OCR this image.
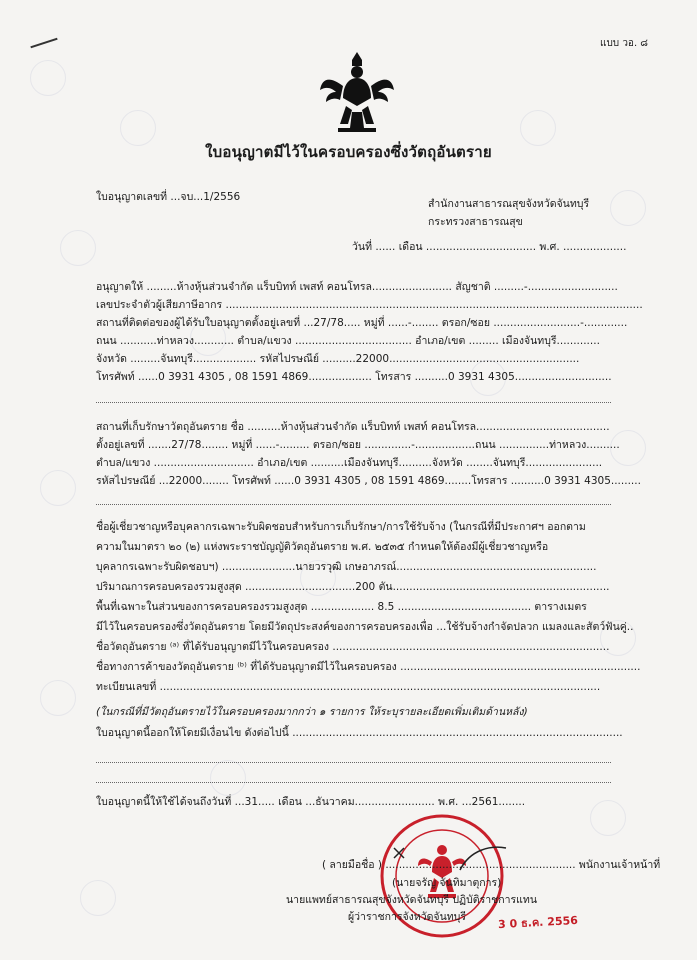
แบบ วอ. ๘
ใบอนุญาตมีไว้ในครอบครองซึ่งวัตถุอันตราย
ใบอนุญาตเลขที่ ...จบ...1/2556
สำนักงานสาธารณสุขจังหวัดจันทบุรี
กระทรวงสาธารณสุข
วันที่ ...... เดือน ................................. พ.ศ. ...................
อนุญาตให้ .........ห้างหุ้นส่วนจำกัด แร็บบิทท์ เพสท์ คอนโทรล........................ สัญชาติ .........-...........................
เลขประจำตัวผู้เสียภาษีอากร .............................................................................................................................
สถานที่ติดต่อของผู้ได้รับใบอนุญาตตั้งอยู่เลขที่ ...27/78..... หมู่ที่ ......-........ ตรอก/ซอย ..........................-.............
ถนน ...........ท่าหลวง............ ตำบล/แขวง ................................... อำเภอ/เขต ......... เมืองจันทบุรี.............
จังหวัด .........จันทบุรี................... รหัสไปรษณีย์ ..........22000.........................................................
โทรศัพท์ ......0 3931 4305 , 08 1591 4869................... โทรสาร ..........0 3931 4305.............................
สถานที่เก็บรักษาวัตถุอันตราย ชื่อ ..........ห้างหุ้นส่วนจำกัด แร็บบิทท์ เพสท์ คอนโทรล........................................
ตั้งอยู่เลขที่ .......27/78........ หมู่ที่ ......-......... ตรอก/ซอย ..............-..................ถนน ...............ท่าหลวง..........
ตำบล/แขวง .............................. อำเภอ/เขต ..........เมืองจันทบุรี..........จังหวัด ........จันทบุรี.......................
รหัสไปรษณีย์ ...22000........ โทรศัพท์ ......0 3931 4305 , 08 1591 4869........โทรสาร ..........0 3931 4305.........
ชื่อผู้เชี่ยวชาญหรือบุคลากรเฉพาะรับผิดชอบสำหรับการเก็บรักษา/การใช้รับจ้าง (ในกรณีที่มีประกาศฯ ออกตาม
ความในมาตรา ๒๐ (๒) แห่งพระราชบัญญัติวัตถุอันตราย พ.ศ. ๒๕๓๕ กำหนดให้ต้องมีผู้เชี่ยวชาญหรือ
บุคลากรเฉพาะรับผิดชอบฯ) ......................นายวรวุฒิ เกษอาภรณ์............................................................
ปริมาณการครอบครองรวมสูงสุด .................................200 ตัน.................................................................
พื้นที่เฉพาะในส่วนของการครอบครองรวมสูงสุด ................... 8.5 ........................................ ตารางเมตร
มีไว้ในครอบครองซึ่งวัตถุอันตราย โดยมีวัตถุประสงค์ของการครอบครองเพื่อ ...ใช้รับจ้างกำจัดปลวก แมลงและสัตว์ฟันคู่..
ชื่อวัตถุอันตราย ⁽ᵃ⁾ ที่ได้รับอนุญาตมีไว้ในครอบครอง ...................................................................................
ชื่อทางการค้าของวัตถุอันตราย ⁽ᵇ⁾ ที่ได้รับอนุญาตมีไว้ในครอบครอง ........................................................................
ทะเบียนเลขที่ ....................................................................................................................................
(ในกรณีที่มีวัตถุอันตรายไว้ในครอบครองมากกว่า ๑ รายการ ให้ระบุรายละเอียดเพิ่มเติมด้านหลัง)
ใบอนุญาตนี้ออกให้โดยมีเงื่อนไข ดังต่อไปนี้ ...................................................................................................
ใบอนุญาตนี้ให้ใช้ได้จนถึงวันที่ ...31..... เดือน ...ธันวาคม........................ พ.ศ. ...2561........
( ลายมือชื่อ ) ......................................................... พนักงานเจ้าหน้าที่
(นายจรัญ จันทิมาตุการ)
นายแพทย์สาธารณสุขจังหวัดจันทบุรี ปฏิบัติราชการแทน
ผู้ว่าราชการจังหวัดจันทบุรี	3 0 ธ.ค. 2556
